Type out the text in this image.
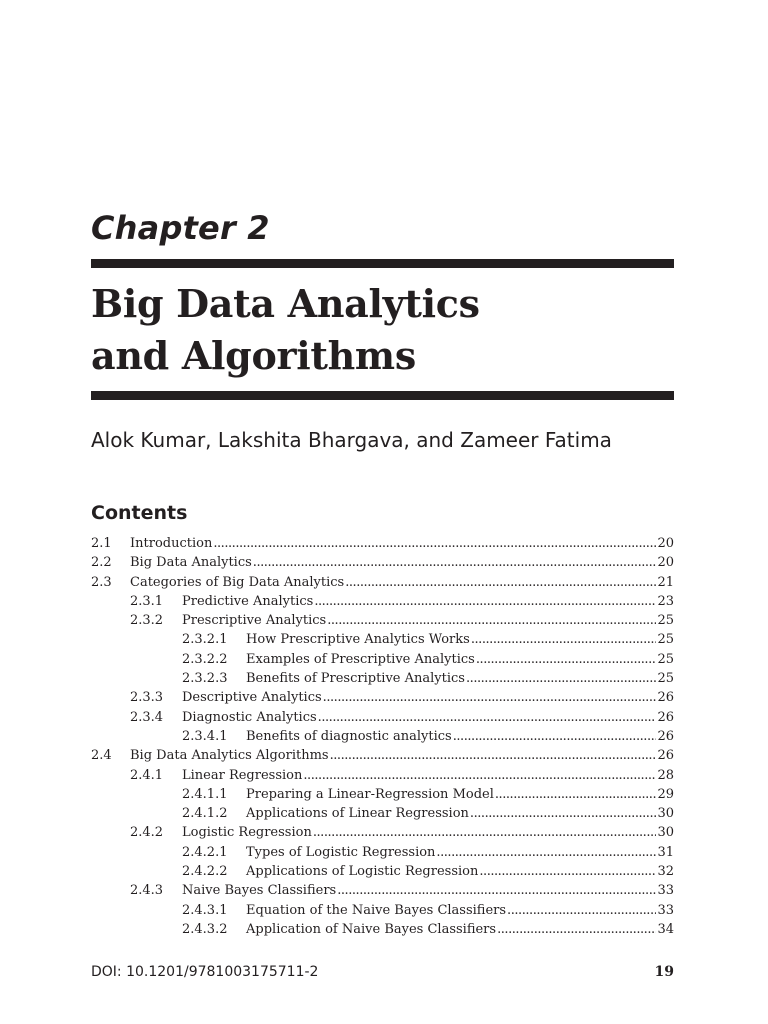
Chapter 2
Big Data Analytics
and Algorithms

Alok Kumar, Lakshita Bhargava, and Zameer Fatima

Contents
2.1	Introduction . . .	20
2.2	Big Data Analytics . . .	20
2.3	Categories of Big Data Analytics . . .	21
2.3.1	Predictive Analytics . . .	23
2.3.2	Prescriptive Analytics . . .	25
2.3.2.1	How Prescriptive Analytics Works . . .	25
2.3.2.2	Examples of Prescriptive Analytics . . .	25
2.3.2.3	Benefits of Prescriptive Analytics . . .	25
2.3.3	Descriptive Analytics . . .	26
2.3.4	Diagnostic Analytics . . .	26
2.3.4.1	Benefits of diagnostic analytics . . .	26
2.4	Big Data Analytics Algorithms . . .	26
2.4.1	Linear Regression . . .	28
2.4.1.1	Preparing a Linear-Regression Model . . .	29
2.4.1.2	Applications of Linear Regression . . .	30
2.4.2	Logistic Regression . . .	30
2.4.2.1	Types of Logistic Regression . . .	31
2.4.2.2	Applications of Logistic Regression . . .	32
2.4.3	Naive Bayes Classifiers . . .	33
2.4.3.1	Equation of the Naive Bayes Classifiers . . .	33
2.4.3.2	Application of Naive Bayes Classifiers . . .	34
DOI: 10.1201/9781003175711-2	19
